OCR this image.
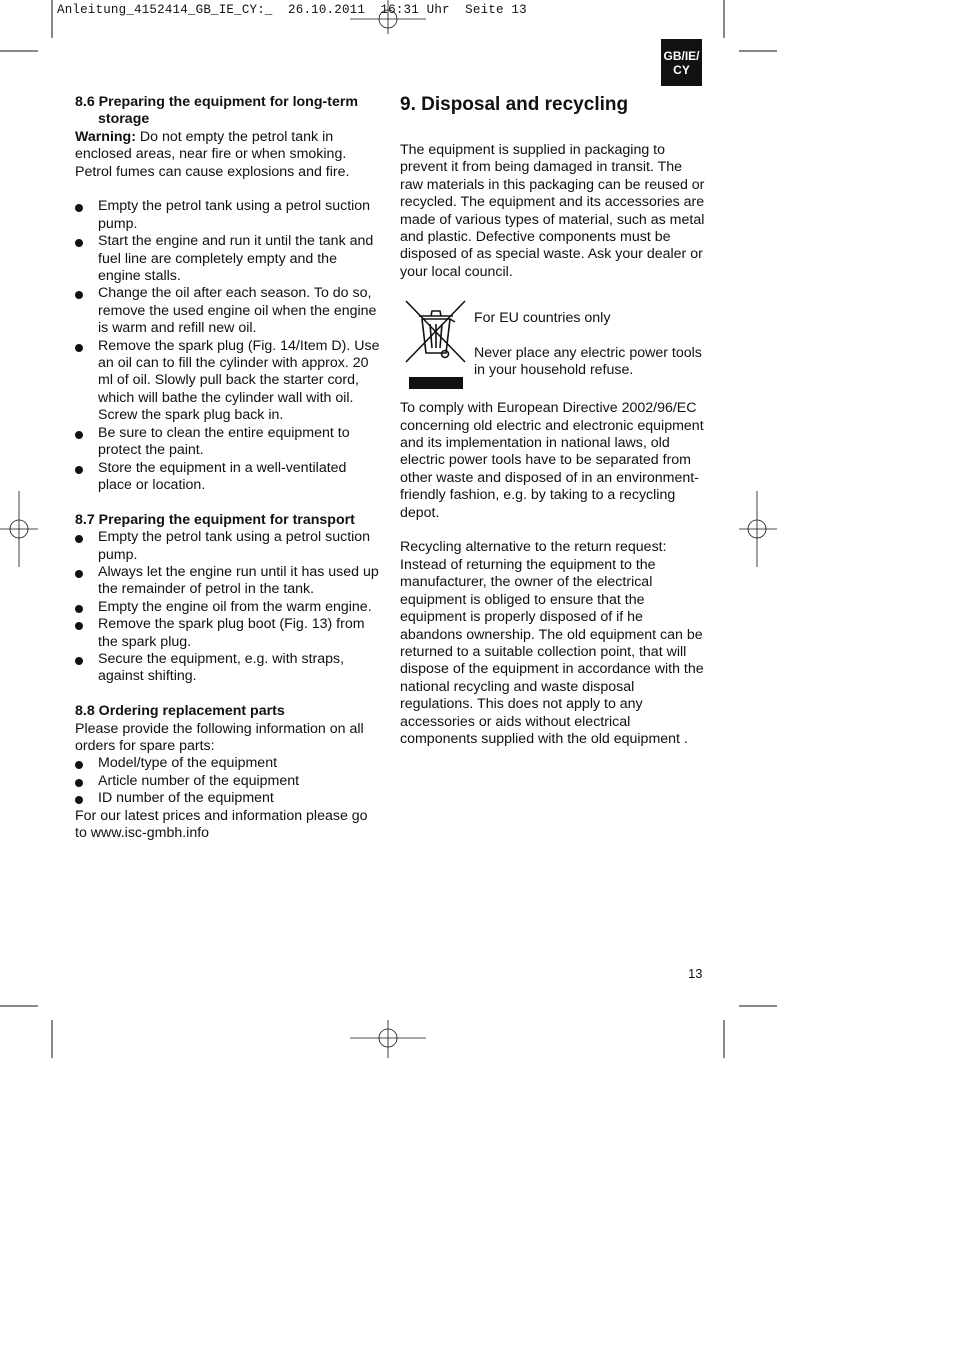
Anleitung_4152414_GB_IE_CY:_  26.10.2011  16:31 Uhr  Seite 13
GB/IE/
CY
8.6 Preparing the equipment for long-term storage

Warning: Do not empty the petrol tank in enclosed areas, near fire or when smoking. Petrol fumes can cause explosions and fire.

Empty the petrol tank using a petrol suction pump.
Start the engine and run it until the tank and fuel line are completely empty and the engine stalls.
Change the oil after each season. To do so, remove the used engine oil when the engine is warm and refill new oil.
Remove the spark plug (Fig. 14/Item D). Use an oil can to fill the cylinder with approx. 20 ml of oil. Slowly pull back the starter cord, which will bathe the cylinder wall with oil. Screw the spark plug back in.
Be sure to clean the entire equipment to protect the paint.
Store the equipment in a well-ventilated place or location.
8.7 Preparing the equipment for transport
Empty the petrol tank using a petrol suction pump.
Always let the engine run until it has used up the remainder of petrol in the tank.
Empty the engine oil from the warm engine.
Remove the spark plug boot (Fig. 13) from the spark plug.
Secure the equipment, e.g. with straps, against shifting.
8.8 Ordering replacement parts

Please provide the following information on all orders for spare parts:

Model/type of the equipment
Article number of the equipment
ID number of the equipment

For our latest prices and information please go to www.isc-gmbh.info

9. Disposal and recycling

The equipment is supplied in packaging to prevent it from being damaged in transit. The raw materials in this packaging can be reused or recycled. The equipment and its accessories are made of various types of material, such as metal and plastic. Defective components must be disposed of as special waste. Ask your dealer or your local council.

For EU countries only

Never place any electric power tools in your household refuse.

To comply with European Directive 2002/96/EC concerning old electric and electronic equipment and its implementation in national laws, old electric power tools have to be separated from other waste and disposed of in an environment-friendly fashion, e.g. by taking to a recycling depot.

Recycling alternative to the return request: Instead of returning the equipment to the manufacturer, the owner of the electrical equipment is obliged to ensure that the equipment is properly disposed of if he abandons ownership. The old equipment can be returned to a suitable collection point, that will dispose of the equipment in accordance with the national recycling and waste disposal regulations. This does not apply to any accessories or aids without electrical components supplied with the old equipment .

13
